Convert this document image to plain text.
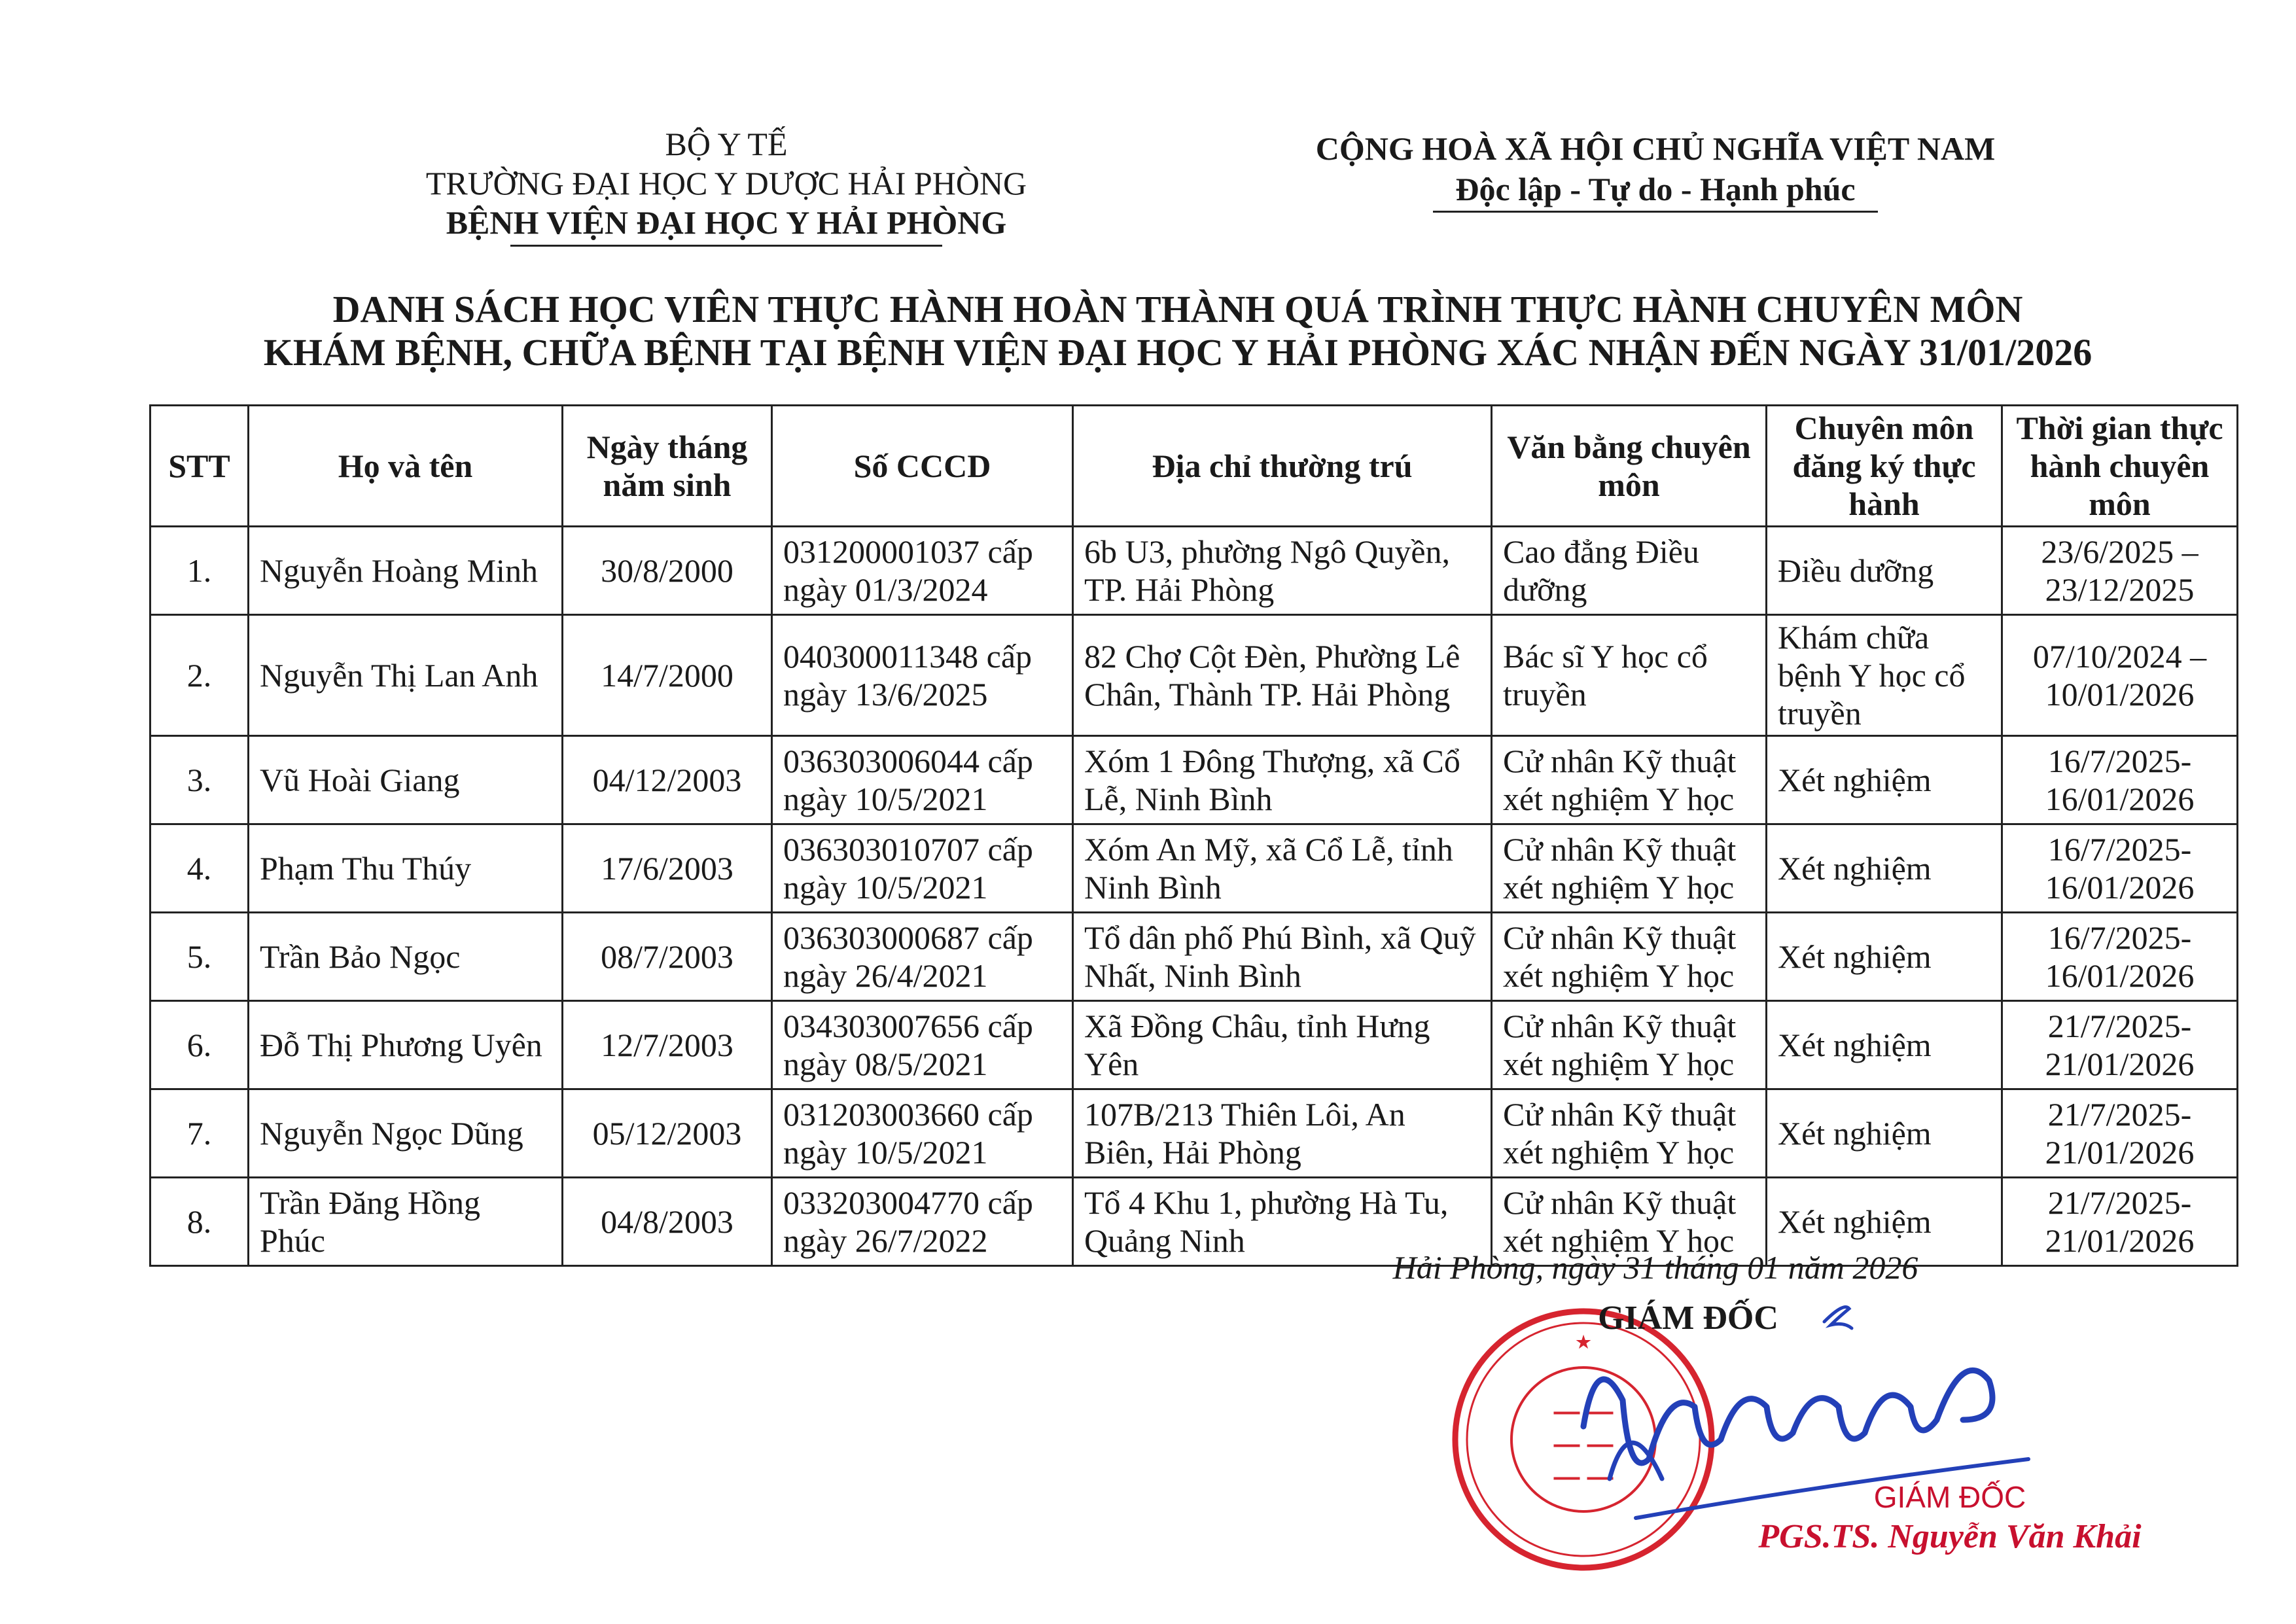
BỘ Y TẾ
TRƯỜNG ĐẠI HỌC Y DƯỢC HẢI PHÒNG
BỆNH VIỆN ĐẠI HỌC Y HẢI PHÒNG
CỘNG HOÀ XÃ HỘI CHỦ NGHĨA VIỆT NAM
Độc lập - Tự do - Hạnh phúc
DANH SÁCH HỌC VIÊN THỰC HÀNH HOÀN THÀNH QUÁ TRÌNH THỰC HÀNH CHUYÊN MÔN
KHÁM BỆNH, CHỮA BỆNH TẠI BỆNH VIỆN ĐẠI HỌC Y HẢI PHÒNG XÁC NHẬN ĐẾN NGÀY 31/01/2026
STT	Họ và tên	Ngày tháng năm sinh	Số CCCD	Địa chỉ thường trú	Văn bằng chuyên môn	Chuyên môn đăng ký thực hành	Thời gian thực hành chuyên môn
1.	Nguyễn Hoàng Minh	30/8/2000	031200001037 cấp ngày 01/3/2024	6b U3, phường Ngô Quyền, TP. Hải Phòng	Cao đẳng Điều dưỡng	Điều dưỡng	23/6/2025 – 23/12/2025
2.	Nguyễn Thị Lan Anh	14/7/2000	040300011348 cấp ngày 13/6/2025	82 Chợ Cột Đèn, Phường Lê Chân, Thành TP. Hải Phòng	Bác sĩ Y học cổ truyền	Khám chữa bệnh Y học cổ truyền	07/10/2024 – 10/01/2026
3.	Vũ Hoài Giang	04/12/2003	036303006044 cấp ngày 10/5/2021	Xóm 1 Đông Thượng, xã Cổ Lễ, Ninh Bình	Cử nhân Kỹ thuật xét nghiệm Y học	Xét nghiệm	16/7/2025- 16/01/2026
4.	Phạm Thu Thúy	17/6/2003	036303010707 cấp ngày 10/5/2021	Xóm An Mỹ, xã Cổ Lễ, tỉnh Ninh Bình	Cử nhân Kỹ thuật xét nghiệm Y học	Xét nghiệm	16/7/2025- 16/01/2026
5.	Trần Bảo Ngọc	08/7/2003	036303000687 cấp ngày 26/4/2021	Tổ dân phố Phú Bình, xã Quỹ Nhất, Ninh Bình	Cử nhân Kỹ thuật xét nghiệm Y học	Xét nghiệm	16/7/2025- 16/01/2026
6.	Đỗ Thị Phương Uyên	12/7/2003	034303007656 cấp ngày 08/5/2021	Xã Đồng Châu, tỉnh Hưng Yên	Cử nhân Kỹ thuật xét nghiệm Y học	Xét nghiệm	21/7/2025- 21/01/2026
7.	Nguyễn Ngọc Dũng	05/12/2003	031203003660 cấp ngày 10/5/2021	107B/213 Thiên Lôi, An Biên, Hải Phòng	Cử nhân Kỹ thuật xét nghiệm Y học	Xét nghiệm	21/7/2025- 21/01/2026
8.	Trần Đăng Hồng Phúc	04/8/2003	033203004770 cấp ngày 26/7/2022	Tổ 4 Khu 1, phường Hà Tu, Quảng Ninh	Cử nhân Kỹ thuật xét nghiệm Y học	Xét nghiệm	21/7/2025- 21/01/2026
Hải Phòng, ngày 31 tháng 01 năm 2026
★
— —
— —
— —
GIÁM ĐỐC
GIÁM ĐỐC
PGS.TS. Nguyễn Văn Khải
